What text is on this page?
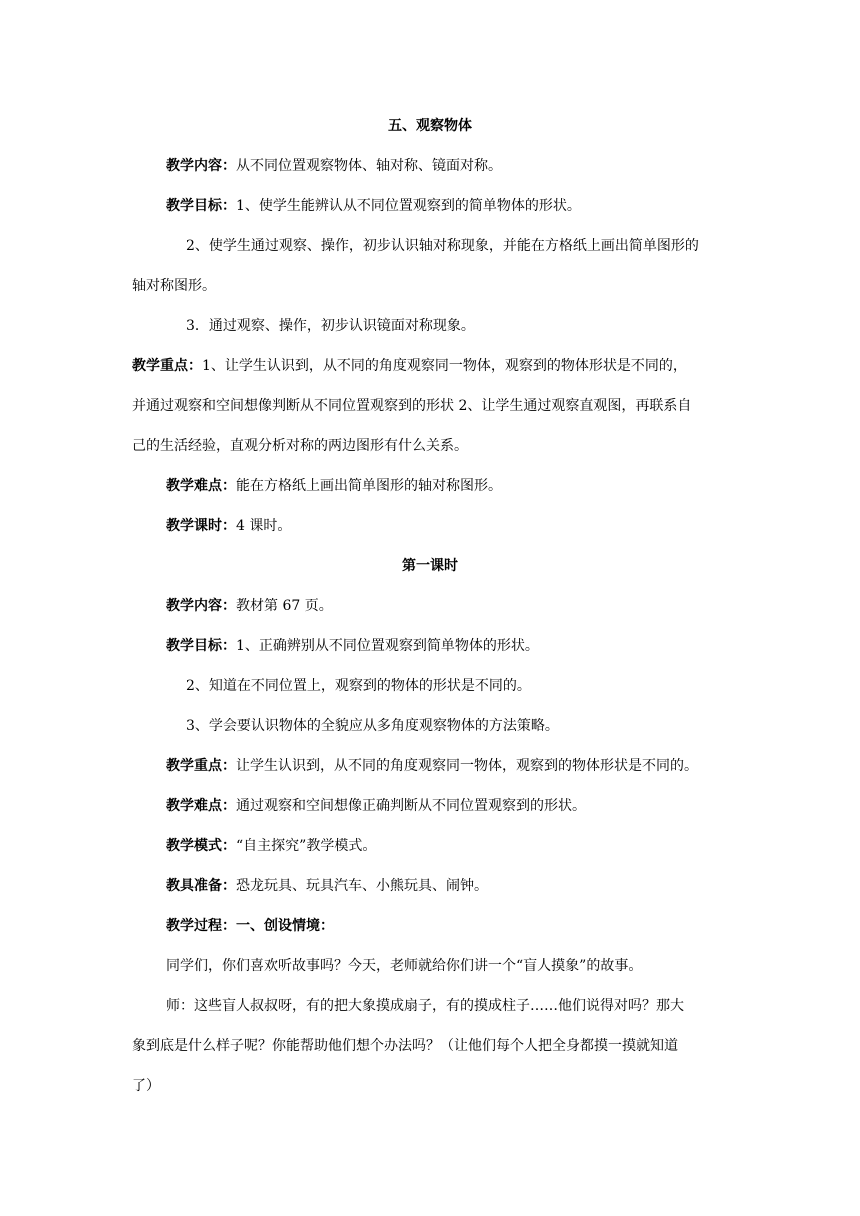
五、观察物体
教学内容：从不同位置观察物体、轴对称、镜面对称。
教学目标：1、使学生能辨认从不同位置观察到的简单物体的形状。
2、使学生通过观察、操作，初步认识轴对称现象，并能在方格纸上画出简单图形的
轴对称图形。
3．通过观察、操作，初步认识镜面对称现象。
教学重点：1、让学生认识到，从不同的角度观察同一物体，观察到的物体形状是不同的，
并通过观察和空间想像判断从不同位置观察到的形状 2、让学生通过观察直观图，再联系自
己的生活经验，直观分析对称的两边图形有什么关系。
教学难点：能在方格纸上画出简单图形的轴对称图形。
教学课时：4 课时。
第一课时
教学内容：教材第 67 页。
教学目标：1、正确辨别从不同位置观察到简单物体的形状。
2、知道在不同位置上，观察到的物体的形状是不同的。
3、学会要认识物体的全貌应从多角度观察物体的方法策略。
教学重点：让学生认识到，从不同的角度观察同一物体，观察到的物体形状是不同的。
教学难点：通过观察和空间想像正确判断从不同位置观察到的形状。
教学模式：“自主探究”教学模式。
教具准备：恐龙玩具、玩具汽车、小熊玩具、闹钟。
教学过程：一、创设情境：
同学们，你们喜欢听故事吗？今天，老师就给你们讲一个“盲人摸象”的故事。
师：这些盲人叔叔呀，有的把大象摸成扇子，有的摸成柱子……他们说得对吗？那大
象到底是什么样子呢？你能帮助他们想个办法吗？（让他们每个人把全身都摸一摸就知道
了）
